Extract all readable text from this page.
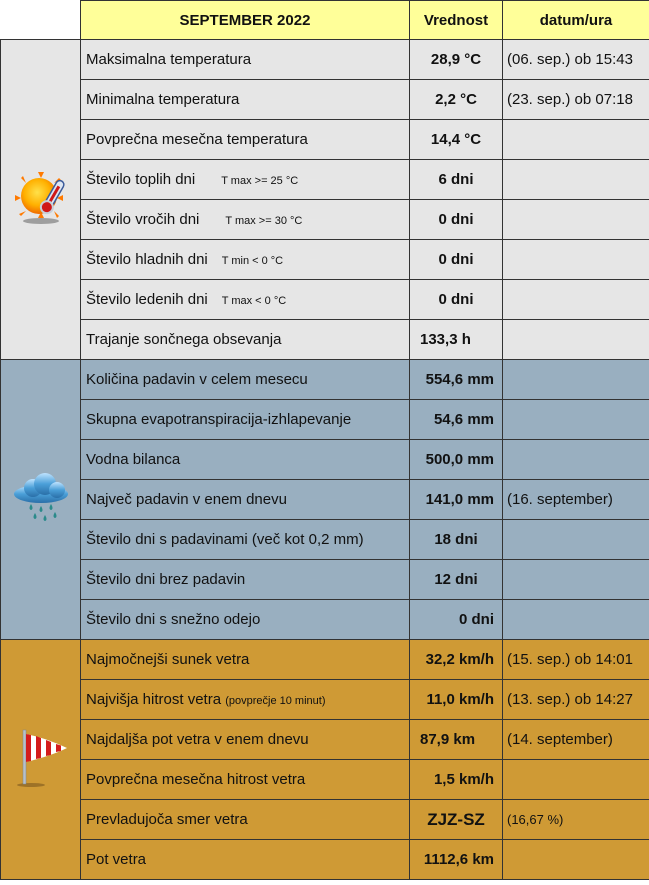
	SEPTEMBER 2022	Vrednost	datum/ura
	Maksimalna temperatura	28,9 °C	(06. sep.) ob 15:43
	Minimalna temperatura	2,2 °C	(23. sep.) ob 07:18
	Povprečna mesečna temperatura	14,4 °C	
	Število toplih dni T max >= 25 °C	6 dni	
	Število vročih dni T max >= 30 °C	0 dni	
	Število hladnih dni T min < 0 °C	0 dni	
	Število ledenih dni T max < 0 °C	0 dni	
	Trajanje sončnega obsevanja	133,3 h	
	Količina padavin v celem mesecu	554,6 mm	
	Skupna evapotranspiracija-izhlapevanje	54,6 mm	
	Vodna bilanca	500,0 mm	
	Največ padavin v enem dnevu	141,0 mm	(16. september)
	Število dni s padavinami (več kot 0,2 mm)	18 dni	
	Število dni brez padavin	12 dni	
	Število dni s snežno odejo	0 dni	
	Najmočnejši sunek vetra	32,2 km/h	(15. sep.) ob 14:01
	Najvišja hitrost vetra (povprečje 10 minut)	11,0 km/h	(13. sep.) ob 14:27
	Najdaljša pot vetra v enem dnevu	87,9 km	(14. september)
	Povprečna mesečna hitrost vetra	1,5 km/h	
	Prevladujoča smer vetra	ZJZ-SZ	(16,67 %)
	Pot vetra	1112,6 km	
